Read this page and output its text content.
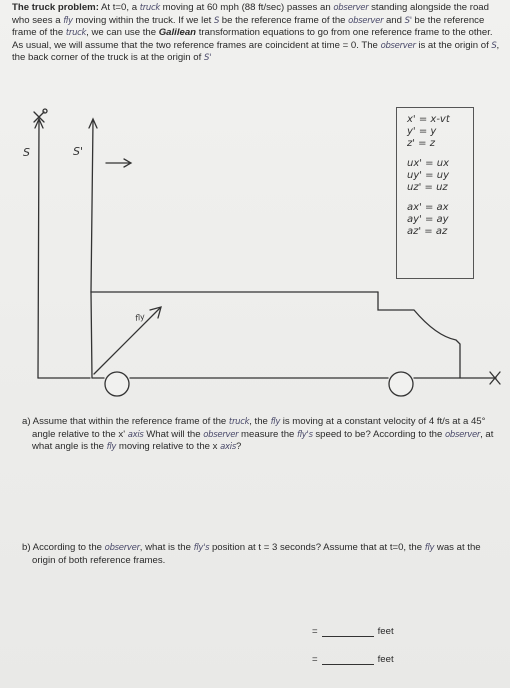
The truck problem: At t=0, a truck moving at 60 mph (88 ft/sec) passes an observer standing alongside the road who sees a fly moving within the truck. If we let S be the reference frame of the observer and S' be the reference frame of the truck, we can use the Galilean transformation equations to go from one reference frame to the other. As usual, we will assume that the two reference frames are coincident at time = 0. The observer is at the origin of S, the back corner of the truck is at the origin of S'

S	S'
fly
x' = x-vt
y' = y
z' = z
ux' = ux
uy' = uy
uz' = uz
ax' = ax
ay' = ay
az' = az

a) Assume that within the reference frame of the truck, the fly is moving at a constant velocity of 4 ft/s at a 45° angle relative to the x' axis What will the observer measure the fly's speed to be? According to the observer, at what angle is the fly moving relative to the x axis?

b) According to the observer, what is the fly's position at t = 3 seconds? Assume that at t=0, the fly was at the origin of both reference frames.

=	feet
=	feet
